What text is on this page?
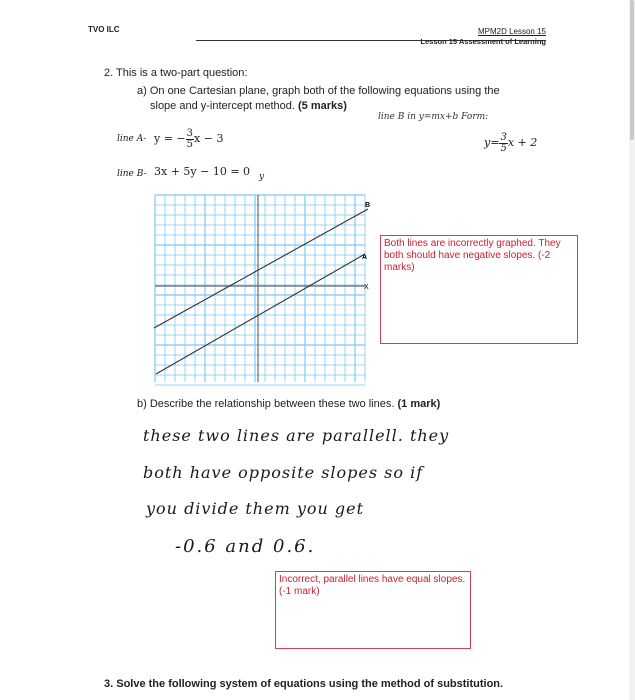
TVO ILC	MPM2D Lesson 15
Lesson 15 Assessment of Learning
2. This is a two-part question:
a) On one Cartesian plane, graph both of the following equations using the
slope and y-intercept method. (5 marks)
line A- y = − $\frac{3}{5}$ x − 3
line B- 3x + 5y − 10 = 0 y
line B in y=mx+b Form:
$y= \frac{3}{5}$ x + 2
B
A
X
Both lines are incorrectly graphed. They both should have negative slopes. (-2 marks)
b) Describe the relationship between these two lines. (1 mark)
these two lines are parallell. they
both have opposite slopes so if
you divide them you get
-0.6 and 0.6.
Incorrect, parallel lines have equal slopes. (-1 mark)
3. Solve the following system of equations using the method of substitution.
